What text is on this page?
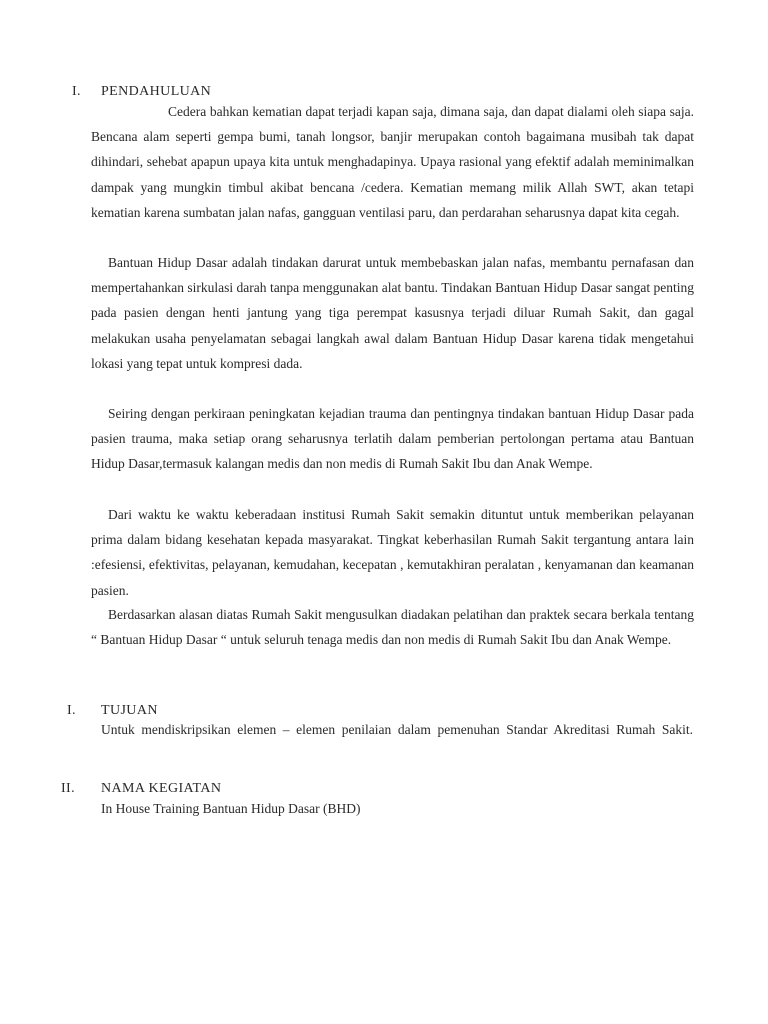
I. PENDAHULUAN

Cedera bahkan kematian dapat terjadi kapan saja, dimana saja, dan dapat dialami oleh siapa saja. Bencana alam seperti gempa bumi, tanah longsor, banjir merupakan contoh bagaimana musibah tak dapat dihindari, sehebat apapun upaya kita untuk menghadapinya. Upaya rasional yang efektif adalah meminimalkan dampak yang mungkin timbul akibat bencana /cedera. Kematian memang milik Allah SWT, akan tetapi kematian karena sumbatan jalan nafas, gangguan ventilasi paru, dan perdarahan seharusnya dapat kita cegah.

Bantuan Hidup Dasar adalah tindakan darurat untuk membebaskan jalan nafas, membantu pernafasan dan mempertahankan sirkulasi darah tanpa menggunakan alat bantu. Tindakan Bantuan Hidup Dasar sangat penting pada pasien dengan henti jantung yang tiga perempat kasusnya terjadi diluar Rumah Sakit, dan gagal melakukan usaha penyelamatan sebagai langkah awal dalam Bantuan Hidup Dasar karena tidak mengetahui lokasi yang tepat untuk kompresi dada.

Seiring dengan perkiraan peningkatan kejadian trauma dan pentingnya tindakan bantuan Hidup Dasar pada pasien trauma, maka setiap orang seharusnya terlatih dalam pemberian pertolongan pertama atau Bantuan Hidup Dasar,termasuk kalangan medis dan non medis di Rumah Sakit Ibu dan Anak Wempe.

Dari waktu ke waktu keberadaan institusi Rumah Sakit semakin dituntut untuk memberikan pelayanan prima dalam bidang kesehatan kepada masyarakat. Tingkat keberhasilan Rumah Sakit tergantung antara lain :efesiensi, efektivitas, pelayanan, kemudahan, kecepatan , kemutakhiran peralatan , kenyamanan dan keamanan pasien.

Berdasarkan alasan diatas Rumah Sakit mengusulkan diadakan pelatihan dan praktek secara berkala tentang “ Bantuan Hidup Dasar “ untuk seluruh tenaga medis dan non medis di Rumah Sakit Ibu dan Anak Wempe.

I. TUJUAN

Untuk mendiskripsikan elemen – elemen penilaian dalam pemenuhan Standar Akreditasi Rumah Sakit.

II. NAMA KEGIATAN

In House Training Bantuan Hidup Dasar (BHD)
